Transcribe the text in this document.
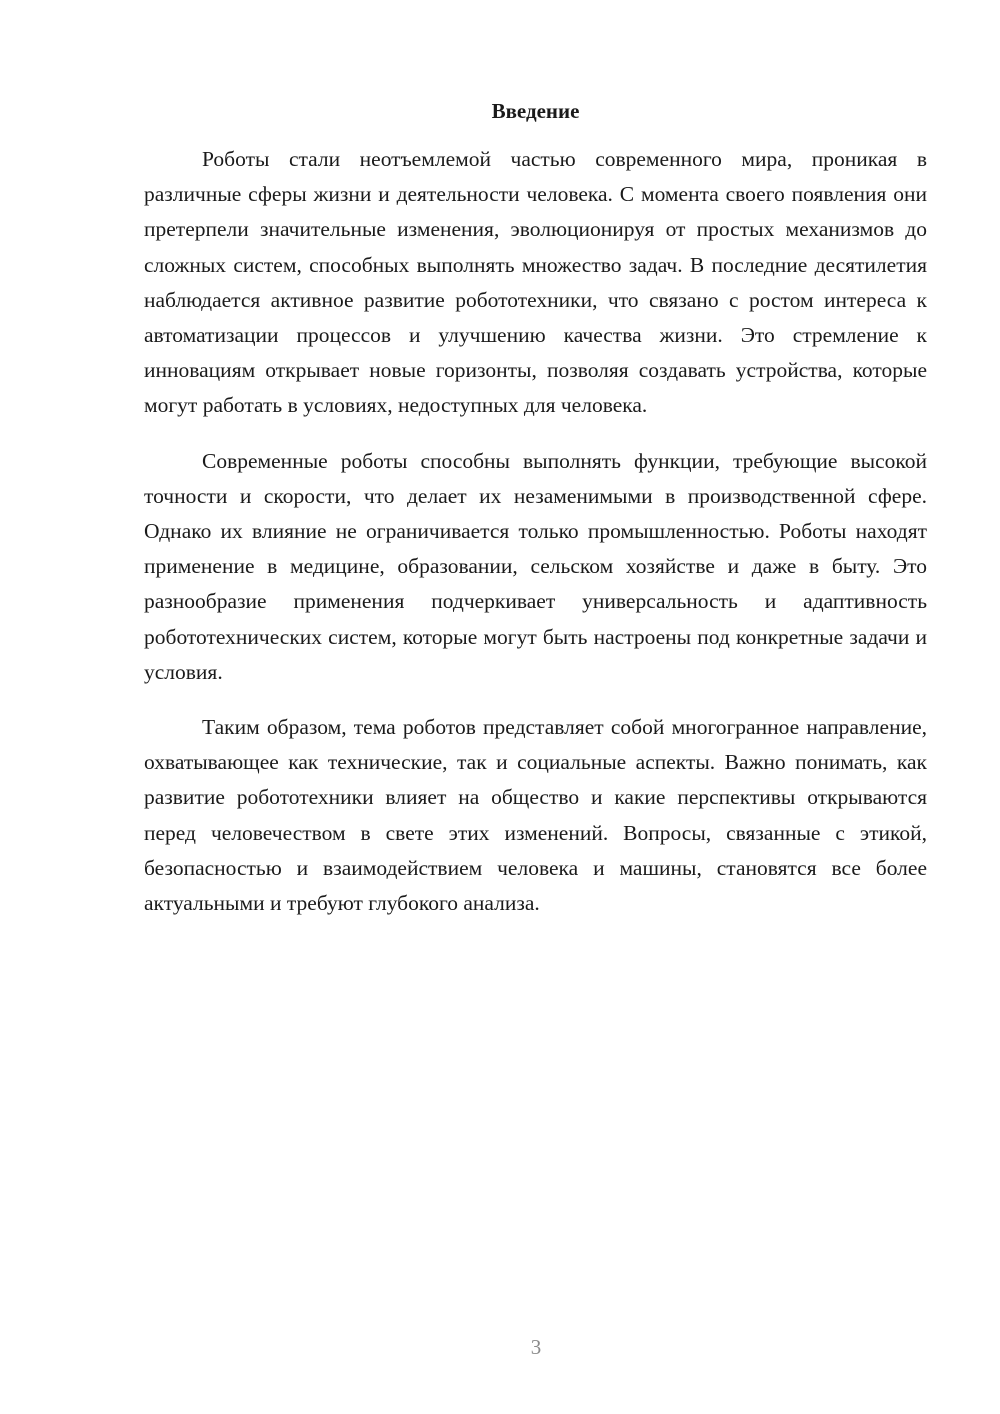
Введение

Роботы стали неотъемлемой частью современного мира, проникая в различные сферы жизни и деятельности человека. С момента своего появления они претерпели значительные изменения, эволюционируя от простых механизмов до сложных систем, способных выполнять множество задач. В последние десятилетия наблюдается активное развитие робототехники, что связано с ростом интереса к автоматизации процессов и улучшению качества жизни. Это стремление к инновациям открывает новые горизонты, позволяя создавать устройства, которые могут работать в условиях, недоступных для человека.

Современные роботы способны выполнять функции, требующие высокой точности и скорости, что делает их незаменимыми в производственной сфере. Однако их влияние не ограничивается только промышленностью. Роботы находят применение в медицине, образовании, сельском хозяйстве и даже в быту. Это разнообразие применения подчеркивает универсальность и адаптивность робототехнических систем, которые могут быть настроены под конкретные задачи и условия.

Таким образом, тема роботов представляет собой многогранное направление, охватывающее как технические, так и социальные аспекты. Важно понимать, как развитие робототехники влияет на общество и какие перспективы открываются перед человечеством в свете этих изменений. Вопросы, связанные с этикой, безопасностью и взаимодействием человека и машины, становятся все более актуальными и требуют глубокого анализа.

3
